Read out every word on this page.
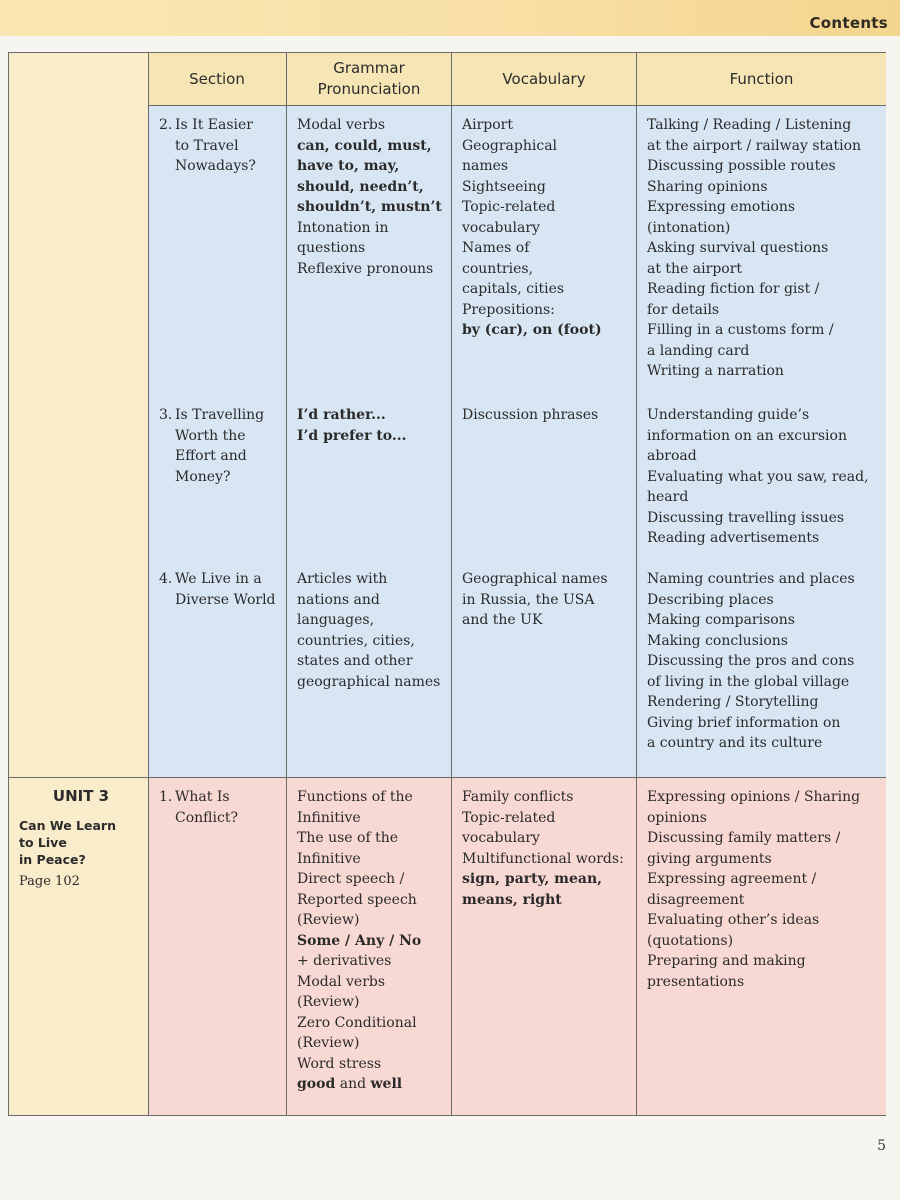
Contents
Section
Grammar
Pronunciation
Vocabulary	Function
2. Is It Easier
to Travel
Nowadays?
Modal verbs
can, could, must,
have to, may,
should, needn’t,
shouldn’t, mustn’t
Intonation in
questions
Reflexive pronouns
Airport
Geographical
names
Sightseeing
Topic-related
vocabulary
Names of
countries,
capitals, cities
Prepositions:
by (car), on (foot)
Talking / Reading / Listening
at the airport / railway station
Discussing possible routes
Sharing opinions
Expressing emotions
(intonation)
Asking survival questions
at the airport
Reading fiction for gist /
for details
Filling in a customs form /
a landing card
Writing a narration
3. Is Travelling
Worth the
Effort and
Money?
I’d rather...
I’d prefer to...
Discussion phrases	Understanding guide’s
information on an excursion
abroad
Evaluating what you saw, read,
heard
Discussing travelling issues
Reading advertisements
4. We Live in a
Diverse World
Articles with
nations and
languages,
countries, cities,
states and other
geographical names
Geographical names
in Russia, the USA
and the UK
Naming countries and places
Describing places
Making comparisons
Making conclusions
Discussing the pros and cons
of living in the global village
Rendering / Storytelling
Giving brief information on
a country and its culture
UNIT 3
Can We Learn
to Live
in Peace?
Page 102
1. What Is
Conflict?
Functions of the
Infinitive
The use of the
Infinitive
Direct speech /
Reported speech
(Review)
Some / Any / No
+ derivatives
Modal verbs
(Review)
Zero Conditional
(Review)
Word stress
good and well
Family conflicts
Topic-related
vocabulary
Multifunctional words:
sign, party, mean,
means, right
Expressing opinions / Sharing
opinions
Discussing family matters /
giving arguments
Expressing agreement /
disagreement
Evaluating other’s ideas
(quotations)
Preparing and making
presentations
5
